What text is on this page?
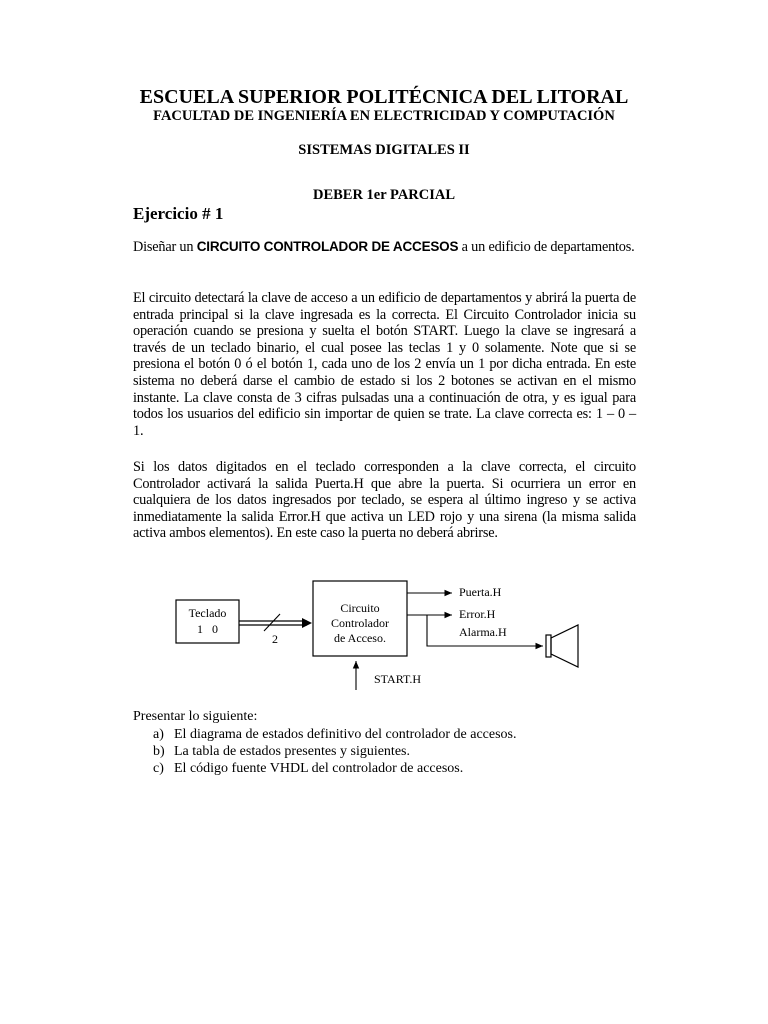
ESCUELA SUPERIOR POLITÉCNICA DEL LITORAL
FACULTAD DE INGENIERÍA EN ELECTRICIDAD Y COMPUTACIÓN
SISTEMAS DIGITALES II
DEBER 1er PARCIAL
Ejercicio # 1

Diseñar un CIRCUITO CONTROLADOR DE ACCESOS a un edificio de departamentos.

El circuito detectará la clave de acceso a un edificio de departamentos y abrirá la puerta de entrada principal si la clave ingresada es la correcta. El Circuito Controlador inicia su operación cuando se presiona y suelta el botón START. Luego la clave se ingresará a través de un teclado binario, el cual posee las teclas 1 y 0 solamente. Note que si se presiona el botón 0 ó el botón 1, cada uno de los 2 envía un 1 por dicha entrada. En este sistema no deberá darse el cambio de estado si los 2 botones se activan en el mismo instante. La clave consta de 3 cifras pulsadas una a continuación de otra, y es igual para todos los usuarios del edificio sin importar de quien se trate. La clave correcta es: 1 – 0 – 1.

Si los datos digitados en el teclado corresponden a la clave correcta, el circuito Controlador activará la salida Puerta.H que abre la puerta. Si ocurriera un error en cualquiera de los datos ingresados por teclado, se espera al último ingreso y se activa inmediatamente la salida Error.H que activa un LED rojo y una sirena (la misma salida activa ambos elementos). En este caso la puerta no deberá abrirse.

Teclado
1   0
2
Circuito
Controlador
de Acceso.
Puerta.H
Error.H
Alarma.H
START.H
Presentar lo siguiente:
a) El diagrama de estados definitivo del controlador de accesos.
b) La tabla de estados presentes y siguientes.
c) El código fuente VHDL del controlador de accesos.
